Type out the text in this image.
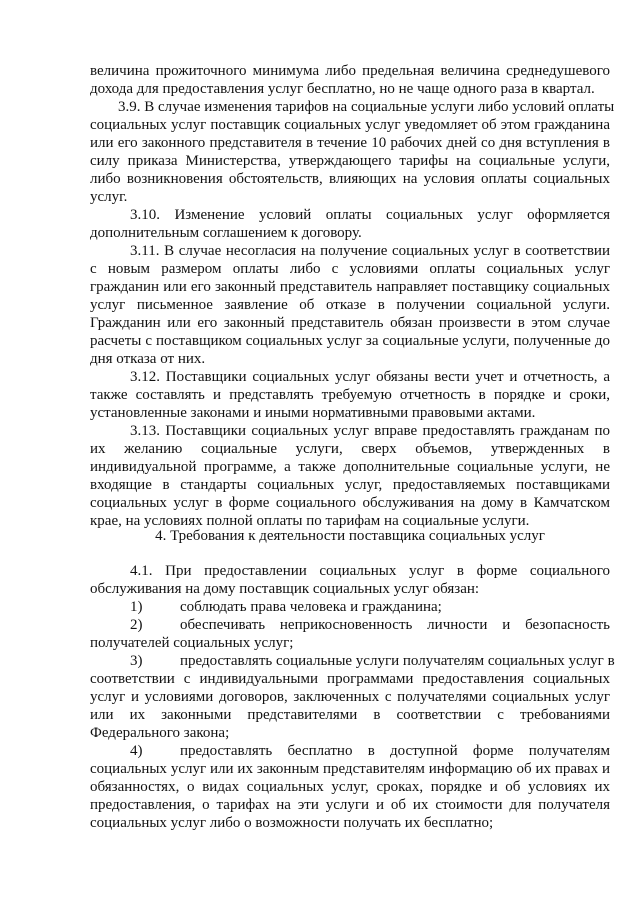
величина прожиточного минимума либо предельная величина среднедушевого
дохода для предоставления услуг бесплатно, но не чаще одного раза в квартал.
3.9. В случае изменения тарифов на социальные услуги либо условий оплаты
социальных услуг поставщик социальных услуг уведомляет об этом гражданина
или его законного представителя в течение 10 рабочих дней со дня вступления в
силу приказа Министерства, утверждающего тарифы на социальные услуги,
либо возникновения обстоятельств, влияющих на условия оплаты социальных
услуг.
3.10. Изменение условий оплаты социальных услуг оформляется
дополнительным соглашением к договору.
3.11. В случае несогласия на получение социальных услуг в соответствии
с новым размером оплаты либо с условиями оплаты социальных услуг
гражданин или его законный представитель направляет поставщику социальных
услуг письменное заявление об отказе в получении социальной услуги.
Гражданин или его законный представитель обязан произвести в этом случае
расчеты с поставщиком социальных услуг за социальные услуги, полученные до
дня отказа от них.
3.12. Поставщики социальных услуг обязаны вести учет и отчетность, а
также составлять и представлять требуемую отчетность в порядке и сроки,
установленные законами и иными нормативными правовыми актами.
3.13. Поставщики социальных услуг вправе предоставлять гражданам по
их желанию социальные услуги, сверх объемов, утвержденных в
индивидуальной программе, а также дополнительные социальные услуги, не
входящие в стандарты социальных услуг, предоставляемых поставщиками
социальных услуг в форме социального обслуживания на дому в Камчатском
крае, на условиях полной оплаты по тарифам на социальные услуги.
4. Требования к деятельности поставщика социальных услуг
4.1. При предоставлении социальных услуг в форме социального
обслуживания на дому поставщик социальных услуг обязан:
1)	соблюдать права человека и гражданина;
2)	обеспечивать неприкосновенность личности и безопасность
получателей социальных услуг;
3)	предоставлять социальные услуги получателям социальных услуг в
соответствии с индивидуальными программами предоставления социальных
услуг и условиями договоров, заключенных с получателями социальных услуг
или их законными представителями в соответствии с требованиями
Федерального закона;
4)	предоставлять бесплатно в доступной форме получателям
социальных услуг или их законным представителям информацию об их правах и
обязанностях, о видах социальных услуг, сроках, порядке и об условиях их
предоставления, о тарифах на эти услуги и об их стоимости для получателя
социальных услуг либо о возможности получать их бесплатно;
